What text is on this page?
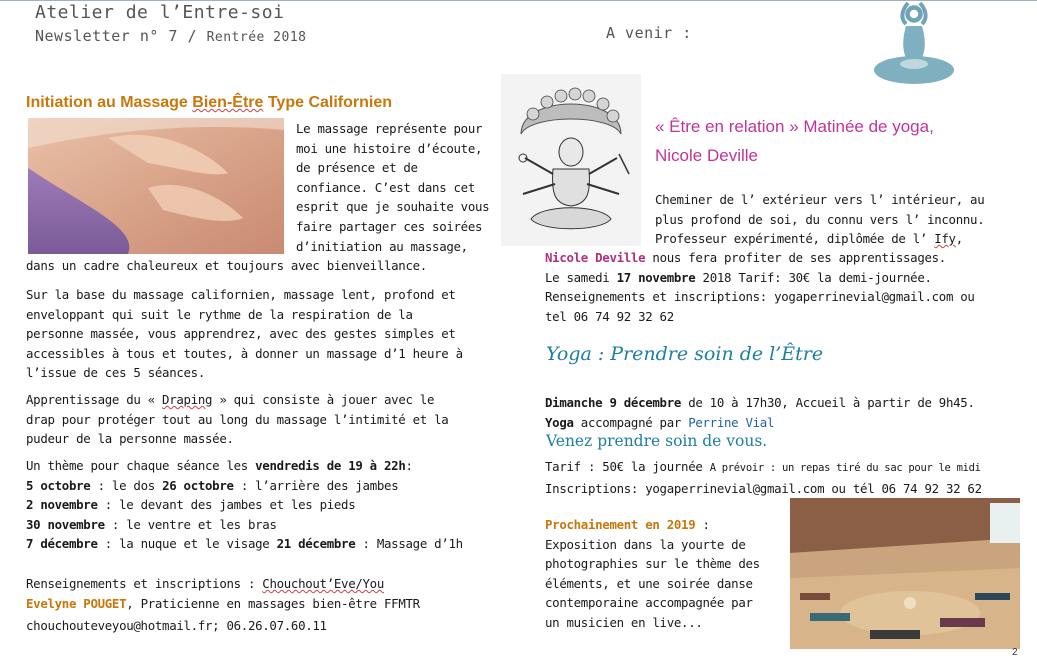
Atelier de l’Entre-soi
Newsletter n° 7 / Rentrée 2018	A venir :
Initiation au Massage Bien-Être Type Californien
Le massage représente pour
moi une histoire d’écoute,
de présence et de
confiance. C’est dans cet
esprit que je souhaite vous
faire partager ces soirées
d’initiation au massage,
dans un cadre chaleureux et toujours avec bienveillance.
Sur la base du massage californien, massage lent, profond et
enveloppant qui suit le rythme de la respiration de la
personne massée, vous apprendrez, avec des gestes simples et
accessibles à tous et toutes, à donner un massage d’1 heure à
l’issue de ces 5 séances.
Apprentissage du « Draping » qui consiste à jouer avec le
drap pour protéger tout au long du massage l’intimité et la
pudeur de la personne massée.
Un thème pour chaque séance les vendredis de 19 à 22h:
5 octobre : le dos 26 octobre : l’arrière des jambes
2 novembre : le devant des jambes et les pieds
30 novembre : le ventre et les bras
7 décembre : la nuque et le visage 21 décembre : Massage d’1h
Renseignements et inscriptions : Chouchout’Eve/You
Evelyne POUGET, Praticienne en massages bien-être FFMTR
chouchouteveyou@hotmail.fr; 06.26.07.60.11
« Être en relation » Matinée de yoga,
Nicole Deville
Cheminer de l’ extérieur vers l’ intérieur, au
plus profond de soi, du connu vers l’ inconnu.
Professeur expérimenté, diplômée de l’ Ify,
Nicole Deville nous fera profiter de ses apprentissages.
Le samedi 17 novembre 2018 Tarif: 30€ la demi-journée.
Renseignements et inscriptions: yogaperrinevial@gmail.com ou
tel 06 74 92 32 62
Yoga : Prendre soin de l’Être
Dimanche 9 décembre de 10 à 17h30, Accueil à partir de 9h45.
Yoga accompagné par Perrine Vial
Venez prendre soin de vous.
Tarif : 50€ la journée A prévoir : un repas tiré du sac pour le midi
Inscriptions: yogaperrinevial@gmail.com ou tél 06 74 92 32 62
Prochainement en 2019 :
Exposition dans la yourte de
photographies sur le thème des
éléments, et une soirée danse
contemporaine accompagnée par
un musicien en live...
2
